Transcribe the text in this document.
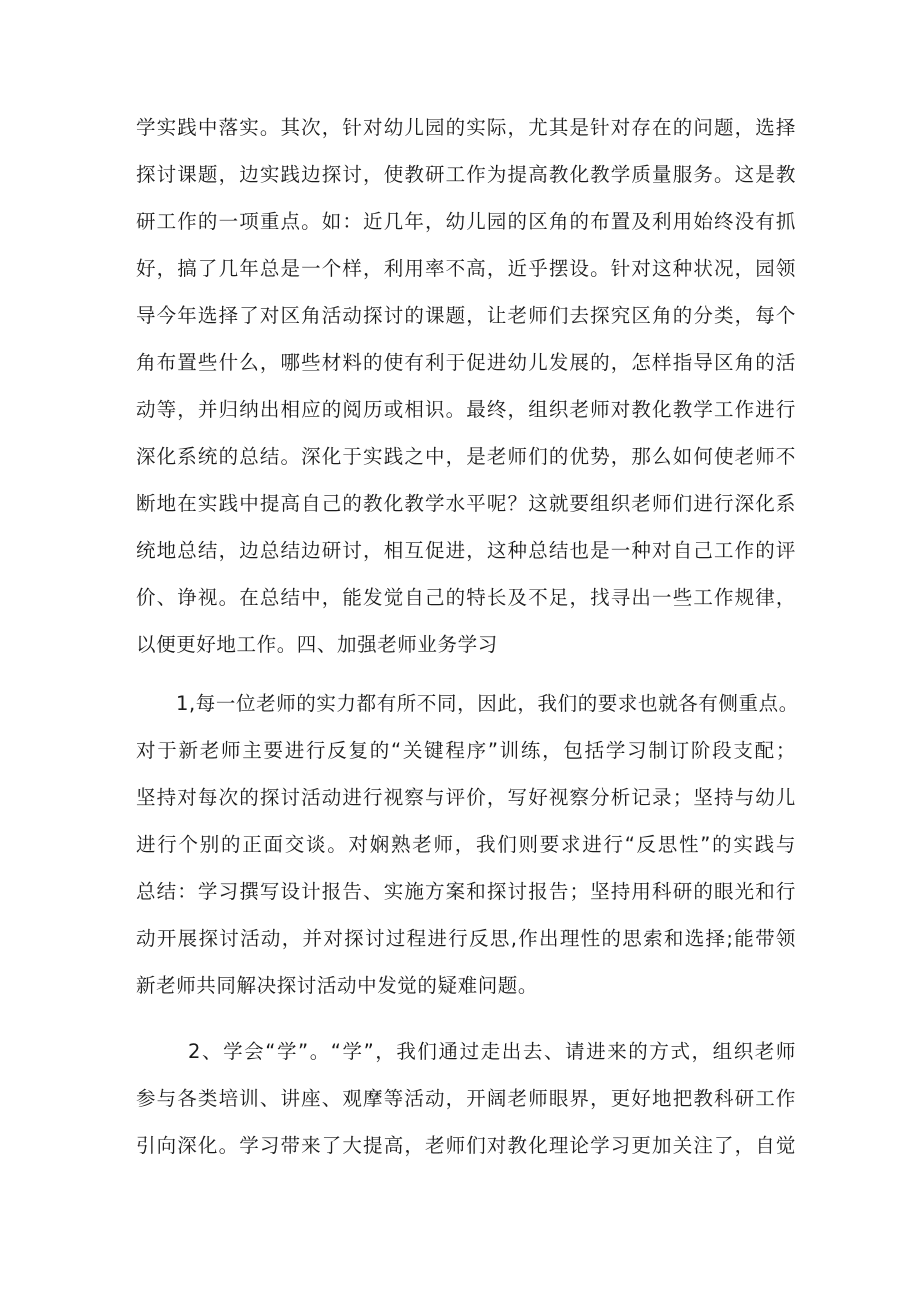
学实践中落实。其次，针对幼儿园的实际，尤其是针对存在的问题，选择

探讨课题，边实践边探讨，使教研工作为提高教化教学质量服务。这是教

研工作的一项重点。如：近几年，幼儿园的区角的布置及利用始终没有抓

好，搞了几年总是一个样，利用率不高，近乎摆设。针对这种状况，园领

导今年选择了对区角活动探讨的课题，让老师们去探究区角的分类，每个

角布置些什么，哪些材料的使有利于促进幼儿发展的，怎样指导区角的活

动等，并归纳出相应的阅历或相识。最终，组织老师对教化教学工作进行

深化系统的总结。深化于实践之中，是老师们的优势，那么如何使老师不

断地在实践中提高自己的教化教学水平呢？这就要组织老师们进行深化系

统地总结，边总结边研讨，相互促进，这种总结也是一种对自己工作的评

价、诤视。在总结中，能发觉自己的特长及不足，找寻出一些工作规律，

以便更好地工作。四、加强老师业务学习

1,每一位老师的实力都有所不同，因此，我们的要求也就各有侧重点。

对于新老师主要进行反复的“关键程序”训练，包括学习制订阶段支配；

坚持对每次的探讨活动进行视察与评价，写好视察分析记录；坚持与幼儿

进行个别的正面交谈。对娴熟老师，我们则要求进行“反思性”的实践与

总结：学习撰写设计报告、实施方案和探讨报告；坚持用科研的眼光和行

动开展探讨活动，并对探讨过程进行反思,作出理性的思索和选择;能带领

新老师共同解决探讨活动中发觉的疑难问题。

2、学会“学”。“学”，我们通过走出去、请进来的方式，组织老师

参与各类培训、讲座、观摩等活动，开阔老师眼界，更好地把教科研工作

引向深化。学习带来了大提高，老师们对教化理论学习更加关注了，自觉
